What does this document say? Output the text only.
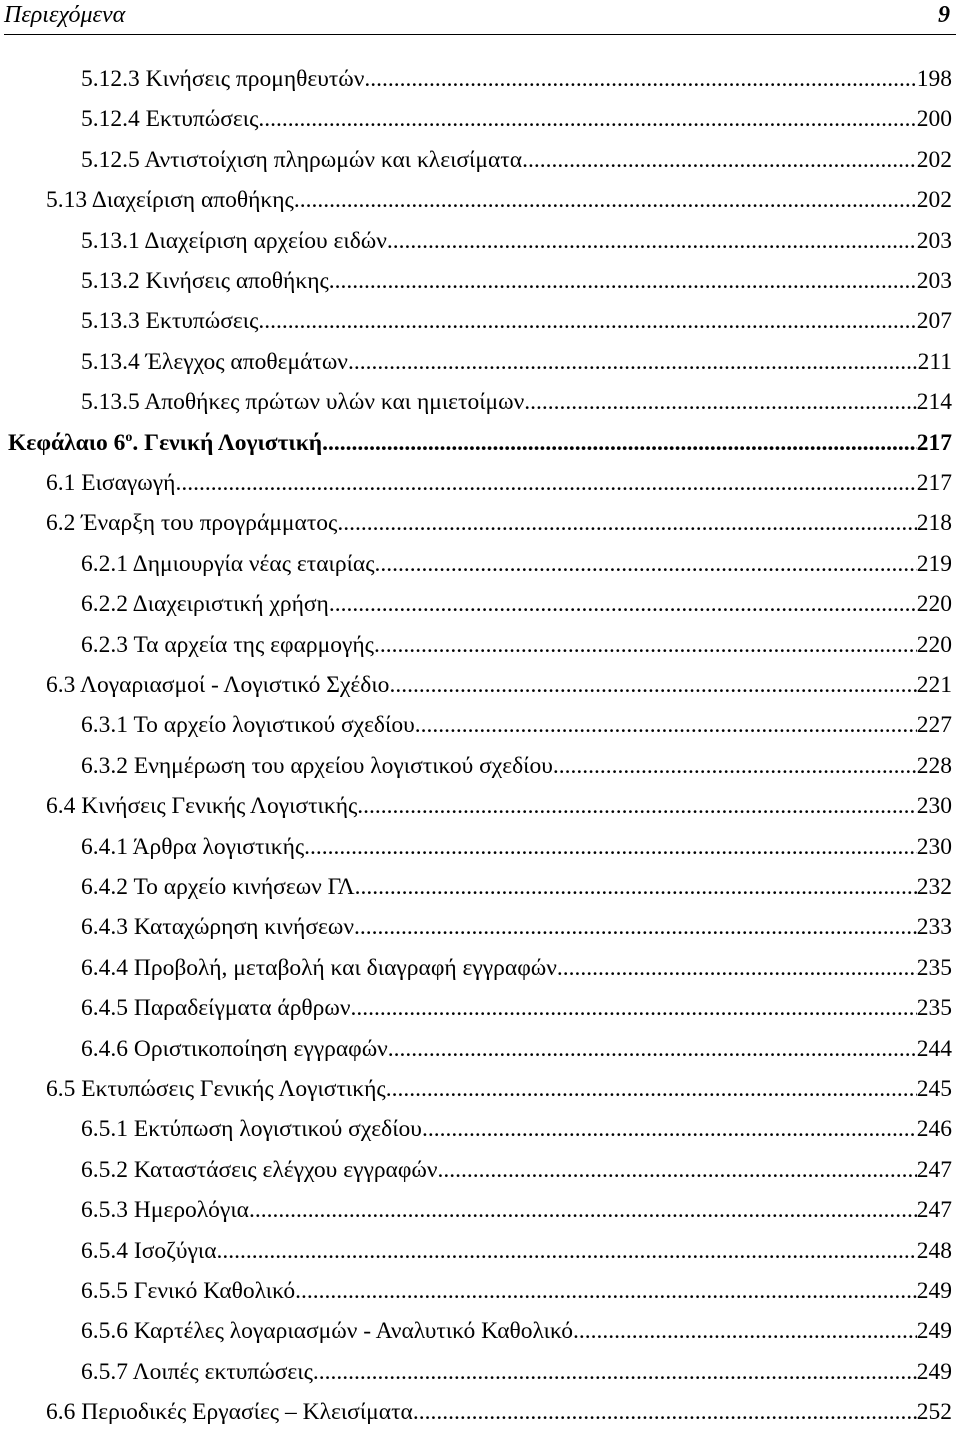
Περιεχόμενα	9
5.12.3 Κινήσεις προμηθευτών .....	198
5.12.4 Εκτυπώσεις .....	200
5.12.5 Αντιστοίχιση πληρωμών και κλεισίματα .....	202
5.13 Διαχείριση αποθήκης .....	202
5.13.1 Διαχείριση αρχείου ειδών .....	203
5.13.2 Κινήσεις αποθήκης .....	203
5.13.3 Εκτυπώσεις .....	207
5.13.4 Έλεγχος αποθεμάτων .....	211
5.13.5 Αποθήκες πρώτων υλών και ημιετοίμων .....	214
Κεφάλαιο $6^o$. Γενική Λογιστική .....	217
6.1 Εισαγωγή .....	217
6.2 Έναρξη του προγράμματος .....	218
6.2.1 Δημιουργία νέας εταιρίας .....	219
6.2.2 Διαχειριστική χρήση .....	220
6.2.3 Τα αρχεία της εφαρμογής .....	220
6.3 Λογαριασμοί - Λογιστικό Σχέδιο .....	221
6.3.1 Το αρχείο λογιστικού σχεδίου .....	227
6.3.2 Ενημέρωση του αρχείου λογιστικού σχεδίου .....	228
6.4 Κινήσεις Γενικής Λογιστικής .....	230
6.4.1 Άρθρα λογιστικής .....	230
6.4.2 Το αρχείο κινήσεων ΓΛ .....	232
6.4.3 Καταχώρηση κινήσεων .....	233
6.4.4 Προβολή, μεταβολή και διαγραφή εγγραφών .....	235
6.4.5 Παραδείγματα άρθρων .....	235
6.4.6 Οριστικοποίηση εγγραφών .....	244
6.5 Εκτυπώσεις Γενικής Λογιστικής .....	245
6.5.1 Εκτύπωση λογιστικού σχεδίου .....	246
6.5.2 Καταστάσεις ελέγχου εγγραφών .....	247
6.5.3 Ημερολόγια .....	247
6.5.4 Ισοζύγια .....	248
6.5.5 Γενικό Καθολικό .....	249
6.5.6 Καρτέλες λογαριασμών - Αναλυτικό Καθολικό .....	249
6.5.7 Λοιπές εκτυπώσεις .....	249
6.6 Περιοδικές Εργασίες – Κλεισίματα .....	252
